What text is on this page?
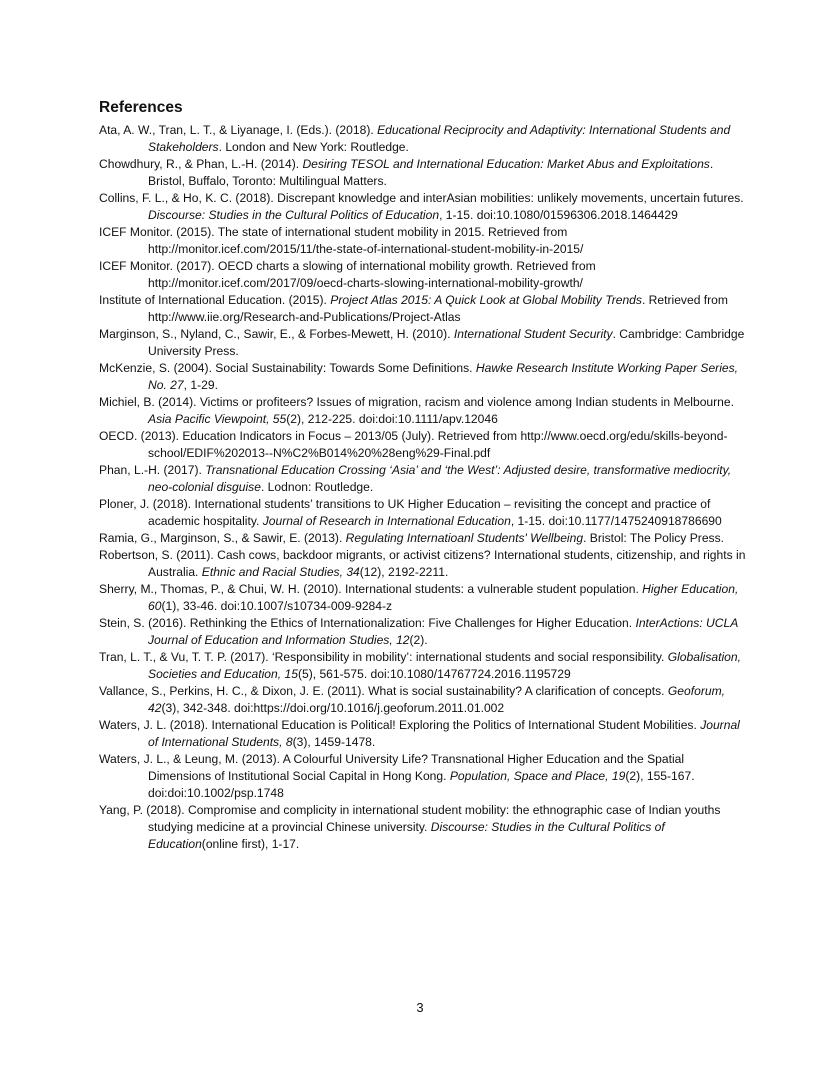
References

Ata, A. W., Tran, L. T., & Liyanage, I. (Eds.). (2018). Educational Reciprocity and Adaptivity: International Students and Stakeholders. London and New York: Routledge.

Chowdhury, R., & Phan, L.-H. (2014). Desiring TESOL and International Education: Market Abus and Exploitations. Bristol, Buffalo, Toronto: Multilingual Matters.

Collins, F. L., & Ho, K. C. (2018). Discrepant knowledge and interAsian mobilities: unlikely movements, uncertain futures. Discourse: Studies in the Cultural Politics of Education, 1-15. doi:10.1080/01596306.2018.1464429

ICEF Monitor. (2015). The state of international student mobility in 2015. Retrieved from http://monitor.icef.com/2015/11/the-state-of-international-student-mobility-in-2015/

ICEF Monitor. (2017). OECD charts a slowing of international mobility growth. Retrieved from http://monitor.icef.com/2017/09/oecd-charts-slowing-international-mobility-growth/

Institute of International Education. (2015). Project Atlas 2015: A Quick Look at Global Mobility Trends. Retrieved from http://www.iie.org/Research-and-Publications/Project-Atlas

Marginson, S., Nyland, C., Sawir, E., & Forbes-Mewett, H. (2010). International Student Security. Cambridge: Cambridge University Press.

McKenzie, S. (2004). Social Sustainability: Towards Some Definitions. Hawke Research Institute Working Paper Series, No. 27, 1-29.

Michiel, B. (2014). Victims or profiteers? Issues of migration, racism and violence among Indian students in Melbourne. Asia Pacific Viewpoint, 55(2), 212-225. doi:doi:10.1111/apv.12046

OECD. (2013). Education Indicators in Focus – 2013/05 (July). Retrieved from http://www.oecd.org/edu/skills-beyond-school/EDIF%202013--N%C2%B014%20%28eng%29-Final.pdf

Phan, L.-H. (2017). Transnational Education Crossing ‘Asia’ and ‘the West’: Adjusted desire, transformative mediocrity, neo-colonial disguise. Lodnon: Routledge.

Ploner, J. (2018). International students’ transitions to UK Higher Education – revisiting the concept and practice of academic hospitality. Journal of Research in International Education, 1-15. doi:10.1177/1475240918786690

Ramia, G., Marginson, S., & Sawir, E. (2013). Regulating Internatioanl Students' Wellbeing. Bristol: The Policy Press.

Robertson, S. (2011). Cash cows, backdoor migrants, or activist citizens? International students, citizenship, and rights in Australia. Ethnic and Racial Studies, 34(12), 2192-2211.

Sherry, M., Thomas, P., & Chui, W. H. (2010). International students: a vulnerable student population. Higher Education, 60(1), 33-46. doi:10.1007/s10734-009-9284-z

Stein, S. (2016). Rethinking the Ethics of Internationalization: Five Challenges for Higher Education. InterActions: UCLA Journal of Education and Information Studies, 12(2).

Tran, L. T., & Vu, T. T. P. (2017). ‘Responsibility in mobility’: international students and social responsibility. Globalisation, Societies and Education, 15(5), 561-575. doi:10.1080/14767724.2016.1195729

Vallance, S., Perkins, H. C., & Dixon, J. E. (2011). What is social sustainability? A clarification of concepts. Geoforum, 42(3), 342-348. doi:https://doi.org/10.1016/j.geoforum.2011.01.002

Waters, J. L. (2018). International Education is Political! Exploring the Politics of International Student Mobilities. Journal of International Students, 8(3), 1459-1478.

Waters, J. L., & Leung, M. (2013). A Colourful University Life? Transnational Higher Education and the Spatial Dimensions of Institutional Social Capital in Hong Kong. Population, Space and Place, 19(2), 155-167. doi:doi:10.1002/psp.1748

Yang, P. (2018). Compromise and complicity in international student mobility: the ethnographic case of Indian youths studying medicine at a provincial Chinese university. Discourse: Studies in the Cultural Politics of Education(online first), 1-17.

3
